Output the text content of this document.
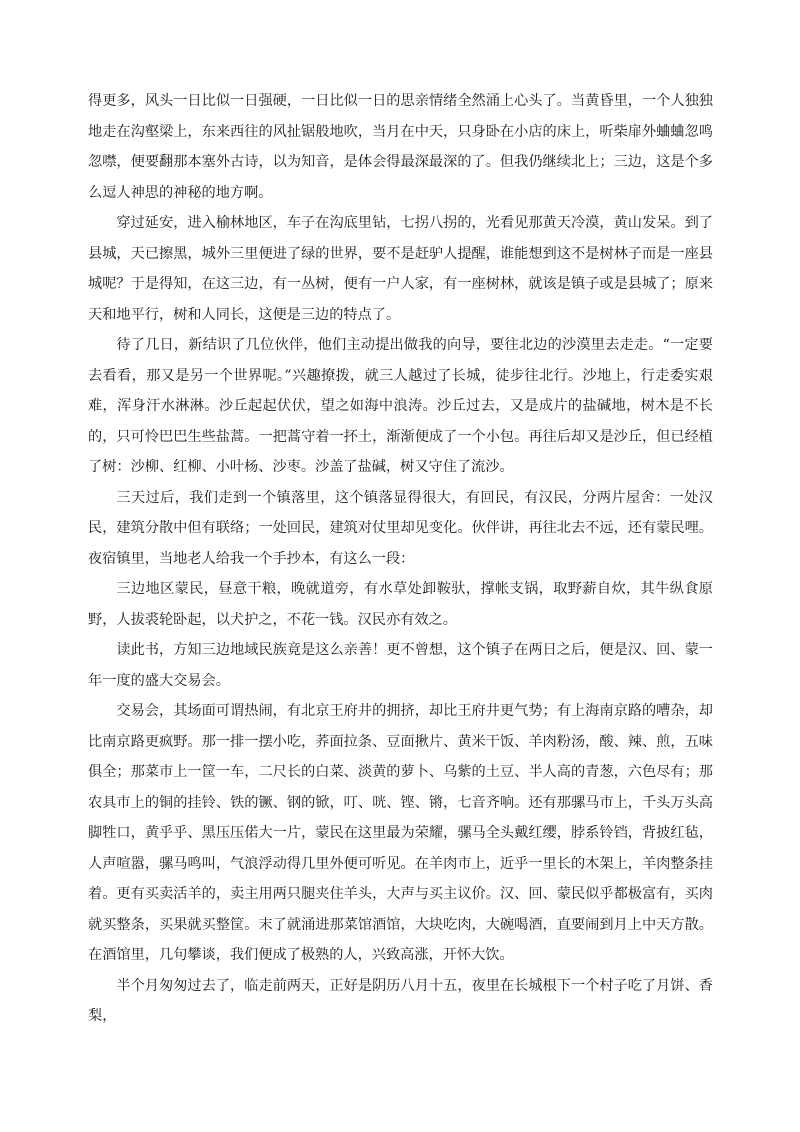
得更多，风头一日比似一日强硬，一日比似一日的思亲情绪全然涌上心头了。当黄昏里，一个人独独地走在沟壑梁上，东来西往的风扯锯般地吹，当月在中天，只身卧在小店的床上，听柴扉外蛐蛐忽鸣忽噤，便要翻那本塞外古诗，以为知音，是体会得最深最深的了。但我仍继续北上；三边，这是个多么逗人神思的神秘的地方啊。

穿过延安，进入榆林地区，车子在沟底里钻，七拐八拐的，光看见那黄天冷漠，黄山发呆。到了县城，天已擦黑，城外三里便进了绿的世界，要不是赶驴人提醒，谁能想到这不是树林子而是一座县城呢？于是得知，在这三边，有一丛树，便有一户人家，有一座树林，就该是镇子或是县城了；原来天和地平行，树和人同长，这便是三边的特点了。

待了几日，新结识了几位伙伴，他们主动提出做我的向导，要往北边的沙漠里去走走。“一定要去看看，那又是另一个世界呢。”兴趣撩拨，就三人越过了长城，徒步往北行。沙地上，行走委实艰难，浑身汗水淋淋。沙丘起起伏伏，望之如海中浪涛。沙丘过去，又是成片的盐碱地，树木是不长的，只可怜巴巴生些盐蒿。一把蒿守着一抔土，渐渐便成了一个小包。再往后却又是沙丘，但已经植了树：沙柳、红柳、小叶杨、沙枣。沙盖了盐碱，树又守住了流沙。

三天过后，我们走到一个镇落里，这个镇落显得很大，有回民，有汉民，分两片屋舍：一处汉民，建筑分散中但有联络；一处回民，建筑对仗里却见变化。伙伴讲，再往北去不远，还有蒙民哩。夜宿镇里，当地老人给我一个手抄本，有这么一段：

三边地区蒙民，昼意干粮，晚就道旁，有水草处卸鞍驮，撑帐支锅，取野薪自炊，其牛纵食原野，人拔裘轮卧起，以犬护之，不花一钱。汉民亦有效之。

读此书，方知三边地域民族竟是这么亲善！更不曾想，这个镇子在两日之后，便是汉、回、蒙一年一度的盛大交易会。

交易会，其场面可谓热闹，有北京王府井的拥挤，却比王府井更气势；有上海南京路的嘈杂，却比南京路更疯野。那一排一摆小吃，荞面拉条、豆面揪片、黄米干饭、羊肉粉汤，酸、辣、煎，五味俱全；那菜市上一筐一车，二尺长的白菜、淡黄的萝卜、乌紫的土豆、半人高的青葱，六色尽有；那农具市上的铜的挂铃、铁的镢、钢的锨，叮、咣、铿、锵，七音齐响。还有那骡马市上，千头万头高脚牲口，黄乎乎、黑压压偌大一片，蒙民在这里最为荣耀，骡马全头戴红缨，脖系铃铛，背披红毡，人声喧嚣，骡马鸣叫，气浪浮动得几里外便可听见。在羊肉市上，近乎一里长的木架上，羊肉整条挂着。更有买卖活羊的，卖主用两只腿夹住羊头，大声与买主议价。汉、回、蒙民似乎都极富有，买肉就买整条，买果就买整筐。末了就涌进那菜馆酒馆，大块吃肉，大碗喝酒，直要闹到月上中天方散。在酒馆里，几句攀谈，我们便成了极熟的人，兴致高涨，开怀大饮。

半个月匆匆过去了，临走前两天，正好是阴历八月十五，夜里在长城根下一个村子吃了月饼、香梨，
